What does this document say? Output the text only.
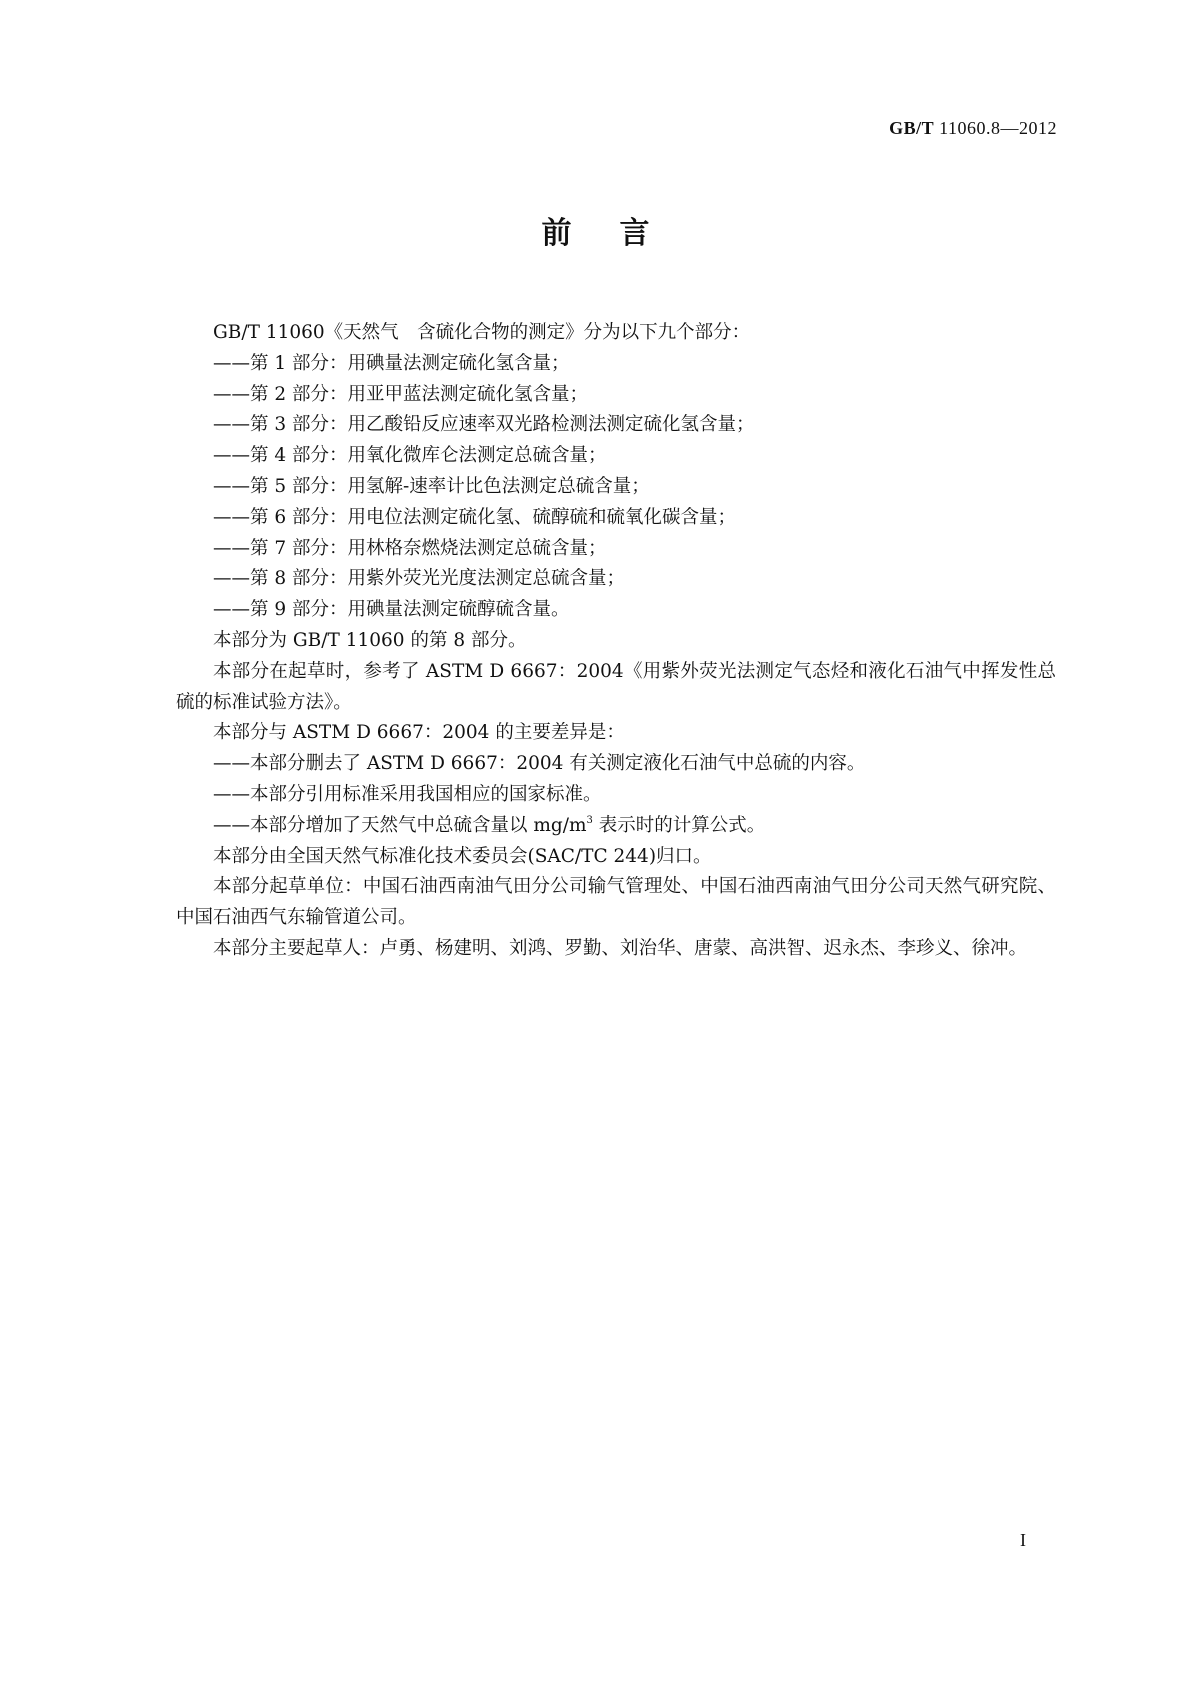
GB/T 11060.8—2012
前言

GB/T 11060《天然气　含硫化合物的测定》分为以下九个部分：

——第 1 部分：用碘量法测定硫化氢含量；

——第 2 部分：用亚甲蓝法测定硫化氢含量；

——第 3 部分：用乙酸铅反应速率双光路检测法测定硫化氢含量；

——第 4 部分：用氧化微库仑法测定总硫含量；

——第 5 部分：用氢解-速率计比色法测定总硫含量；

——第 6 部分：用电位法测定硫化氢、硫醇硫和硫氧化碳含量；

——第 7 部分：用林格奈燃烧法测定总硫含量；

——第 8 部分：用紫外荧光光度法测定总硫含量；

——第 9 部分：用碘量法测定硫醇硫含量。

本部分为 GB/T 11060 的第 8 部分。

本部分在起草时，参考了 ASTM D 6667：2004《用紫外荧光法测定气态烃和液化石油气中挥发性总硫的标准试验方法》。

本部分与 ASTM D 6667：2004 的主要差异是：

——本部分删去了 ASTM D 6667：2004 有关测定液化石油气中总硫的内容。

——本部分引用标准采用我国相应的国家标准。

——本部分增加了天然气中总硫含量以 $mg/m^3$ 表示时的计算公式。

本部分由全国天然气标准化技术委员会(SAC/TC 244)归口。

本部分起草单位：中国石油西南油气田分公司输气管理处、中国石油西南油气田分公司天然气研究院、中国石油西气东输管道公司。

本部分主要起草人：卢勇、杨建明、刘鸿、罗勤、刘治华、唐蒙、高洪智、迟永杰、李珍义、徐冲。

I
